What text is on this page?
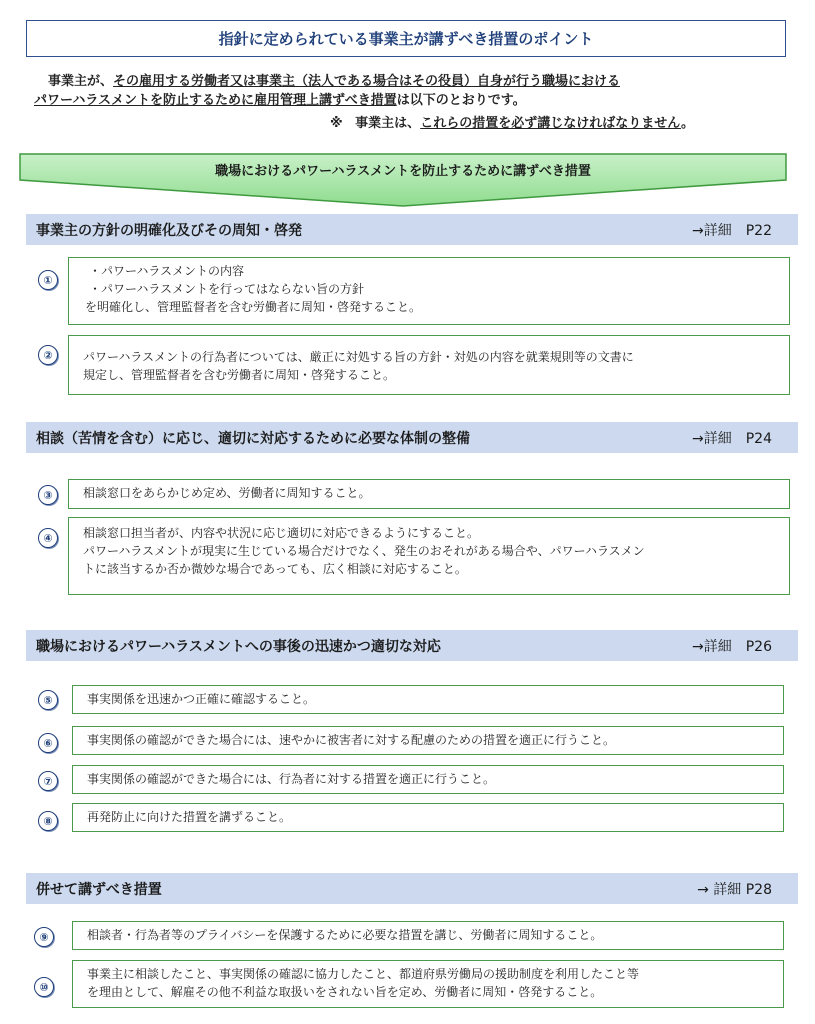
指針に定められている事業主が講ずべき措置のポイント
事業主が、その雇用する労働者又は事業主（法人である場合はその役員）自身が行う職場における
パワーハラスメントを防止するために雇用管理上講ずべき措置は以下のとおりです。
※ 事業主は、これらの措置を必ず講じなければなりません。
職場におけるパワーハラスメントを防止するために講ずべき措置
事業主の方針の明確化及びその周知・啓発	→詳細　P22
①
・パワーハラスメントの内容
・パワーハラスメントを行ってはならない旨の方針
を明確化し、管理監督者を含む労働者に周知・啓発すること。
②	パワーハラスメントの行為者については、厳正に対処する旨の方針・対処の内容を就業規則等の文書に
規定し、管理監督者を含む労働者に周知・啓発すること。
相談（苦情を含む）に応じ、適切に対応するために必要な体制の整備	→詳細　P24
③	相談窓口をあらかじめ定め、労働者に周知すること。
④	相談窓口担当者が、内容や状況に応じ適切に対応できるようにすること。
パワーハラスメントが現実に生じている場合だけでなく、発生のおそれがある場合や、パワーハラスメン
トに該当するか否か微妙な場合であっても、広く相談に対応すること。
職場におけるパワーハラスメントへの事後の迅速かつ適切な対応	→詳細　P26
⑤	事実関係を迅速かつ正確に確認すること。
⑥	事実関係の確認ができた場合には、速やかに被害者に対する配慮のための措置を適正に行うこと。
⑦	事実関係の確認ができた場合には、行為者に対する措置を適正に行うこと。
⑧	再発防止に向けた措置を講ずること。
併せて講ずべき措置	→ 詳細 P28
⑨	相談者・行為者等のプライバシーを保護するために必要な措置を講じ、労働者に周知すること。
⑩
事業主に相談したこと、事実関係の確認に協力したこと、都道府県労働局の援助制度を利用したこと等
を理由として、解雇その他不利益な取扱いをされない旨を定め、労働者に周知・啓発すること。
